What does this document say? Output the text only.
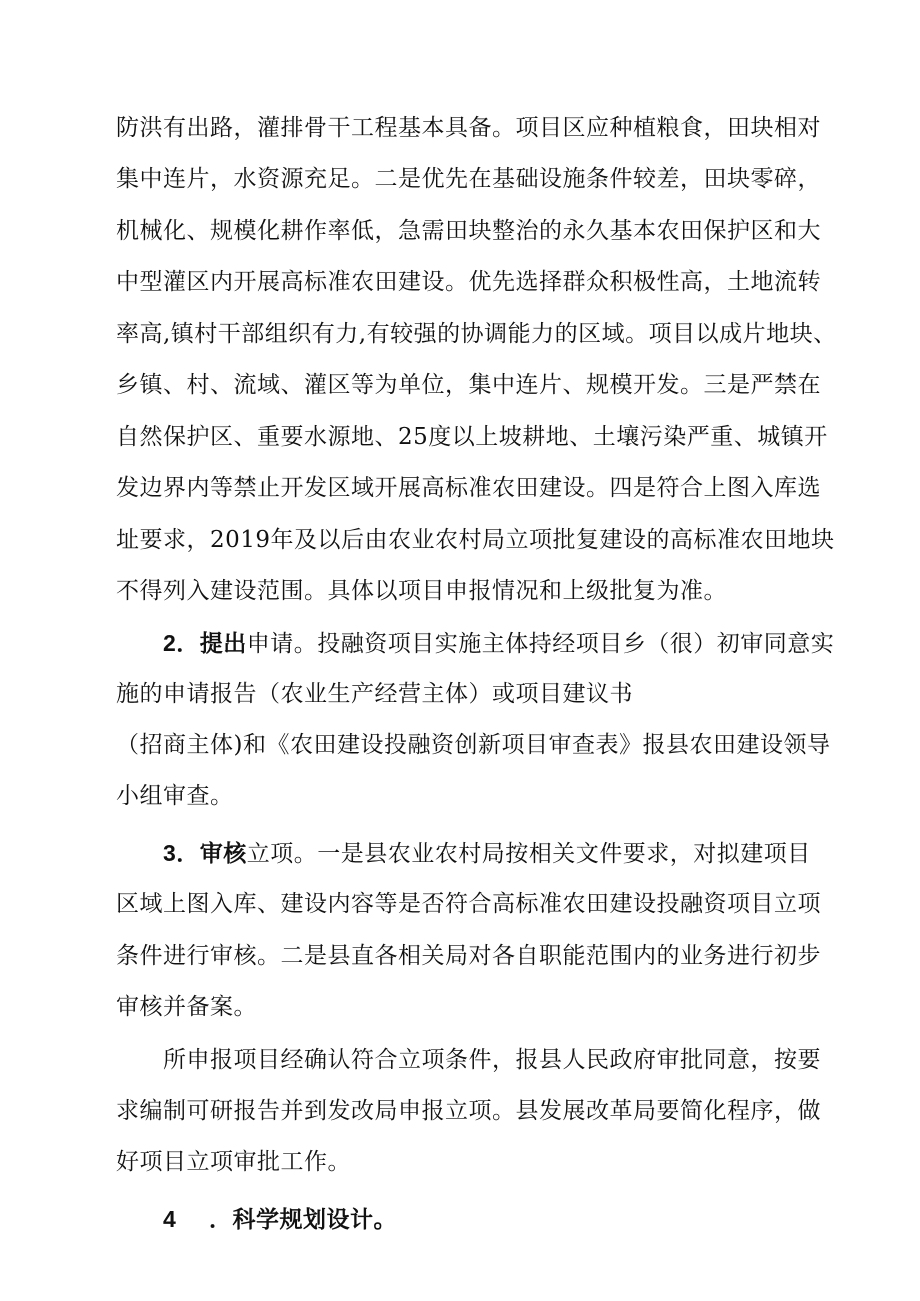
防洪有出路，灌排骨干工程基本具备。项目区应种植粮食，田块相对
集中连片，水资源充足。二是优先在基础设施条件较差，田块零碎，
机械化、规模化耕作率低，急需田块整治的永久基本农田保护区和大
中型灌区内开展高标准农田建设。优先选择群众积极性高，土地流转
率高,镇村干部组织有力,有较强的协调能力的区域。项目以成片地块、
乡镇、村、流域、灌区等为单位，集中连片、规模开发。三是严禁在
自然保护区、重要水源地、25度以上坡耕地、土壤污染严重、城镇开
发边界内等禁止开发区域开展高标准农田建设。四是符合上图入库选
址要求，2019年及以后由农业农村局立项批复建设的高标准农田地块
不得列入建设范围。具体以项目申报情况和上级批复为准。
2．提出申请。投融资项目实施主体持经项目乡（很）初审同意实
施的申请报告（农业生产经营主体）或项目建议书
（招商主体)和《农田建设投融资创新项目审查表》报县农田建设领导
小组审查。
3．审核立项。一是县农业农村局按相关文件要求，对拟建项目
区域上图入库、建设内容等是否符合高标准农田建设投融资项目立项
条件进行审核。二是县直各相关局对各自职能范围内的业务进行初步
审核并备案。
所申报项目经确认符合立项条件，报县人民政府审批同意，按要
求编制可研报告并到发改局申报立项。县发展改革局要简化程序，做
好项目立项审批工作。
4 ．科学规划设计。
